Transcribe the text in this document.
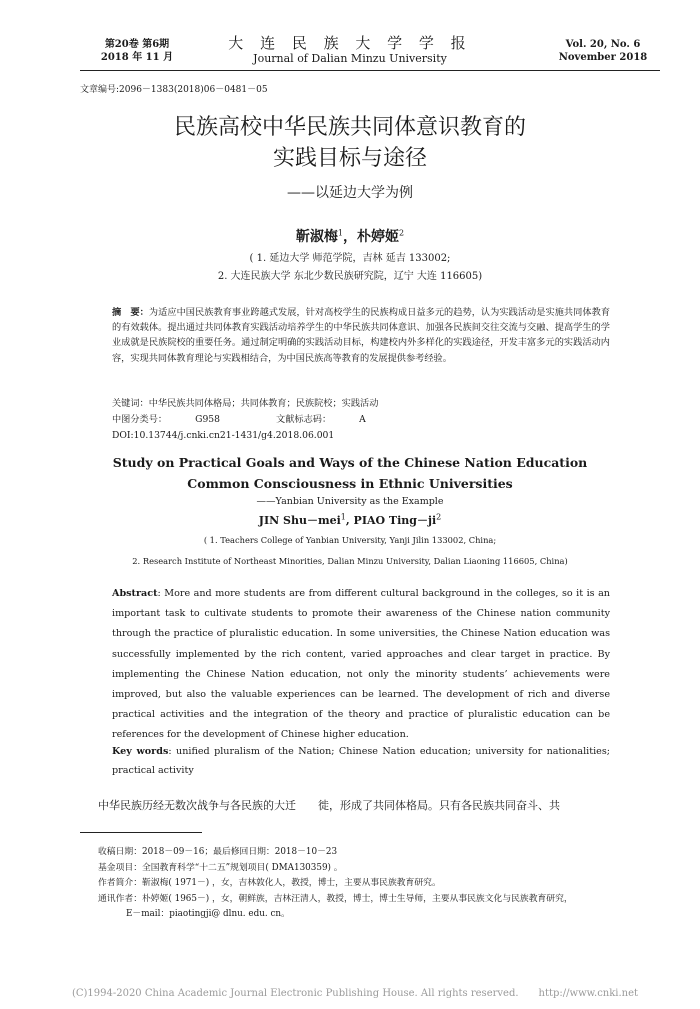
第20卷 第6期
2018 年 11 月
大 连 民 族 大 学 学 报
Journal of Dalian Minzu University
Vol. 20, No. 6
November 2018
文章编号:2096－1383(2018)06－0481－05
民族高校中华民族共同体意识教育的
实践目标与途径
——以延边大学为例
靳淑梅$^1$，朴婷姬$^2$
( 1. 延边大学 师范学院，吉林 延吉 133002;
2. 大连民族大学 东北少数民族研究院，辽宁 大连 116605)
摘　要：为适应中国民族教育事业跨越式发展，针对高校学生的民族构成日益多元的趋势，认为实践活动是实施共同体教育的有效载体。提出通过共同体教育实践活动培养学生的中华民族共同体意识、加强各民族间交往交流与交融、提高学生的学业成就是民族院校的重要任务。通过制定明确的实践活动目标，构建校内外多样化的实践途径，开发丰富多元的实践活动内容，实现共同体教育理论与实践相结合，为中国民族高等教育的发展提供参考经验。
关键词：中华民族共同体格局；共同体教育；民族院校；实践活动
中图分类号：	G958	文献标志码：	A
DOI:10.13744/j.cnki.cn21-1431/g4.2018.06.001
Study on Practical Goals and Ways of the Chinese Nation Education
Common Consciousness in Ethnic Universities
——Yanbian University as the Example
JIN Shu－mei$^1$, PIAO $Ting-ji^2$
( 1. Teachers College of Yanbian University, Yanji Jilin 133002, China;
2. Research Institute of Northeast Minorities, Dalian Minzu University, Dalian Liaoning 116605, China)
Abstract: More and more students are from different cultural background in the colleges, so it is an important task to cultivate students to promote their awareness of the Chinese nation community through the practice of pluralistic education. In some universities, the Chinese Nation education was successfully implemented by the rich content, varied approaches and clear target in practice. By implementing the Chinese Nation education, not only the minority students’ achievements were improved, but also the valuable experiences can be learned. The development of rich and diverse practical activities and the integration of the theory and practice of pluralistic education can be references for the development of Chinese higher education.
Key words: unified pluralism of the Nation; Chinese Nation education; university for nationalities; practical activity
中华民族历经无数次战争与各民族的大迁　　徙，形成了共同体格局。只有各民族共同奋斗、共
收稿日期：2018－09－16；最后修回日期：2018－10－23
基金项目：全国教育科学“十二五”规划项目( DMA130359) 。
作者简介：靳淑梅( 1971－) ，女，吉林敦化人，教授，博士，主要从事民族教育研究。
通讯作者：朴婷姬( 1965－) ，女，朝鲜族，吉林汪清人，教授，博士，博士生导师，主要从事民族文化与民族教育研究，
E－mail：piaotingji@ dlnu. edu. cn。
(C)1994-2020 China Academic Journal Electronic Publishing House. All rights reserved.　　http://www.cnki.net
